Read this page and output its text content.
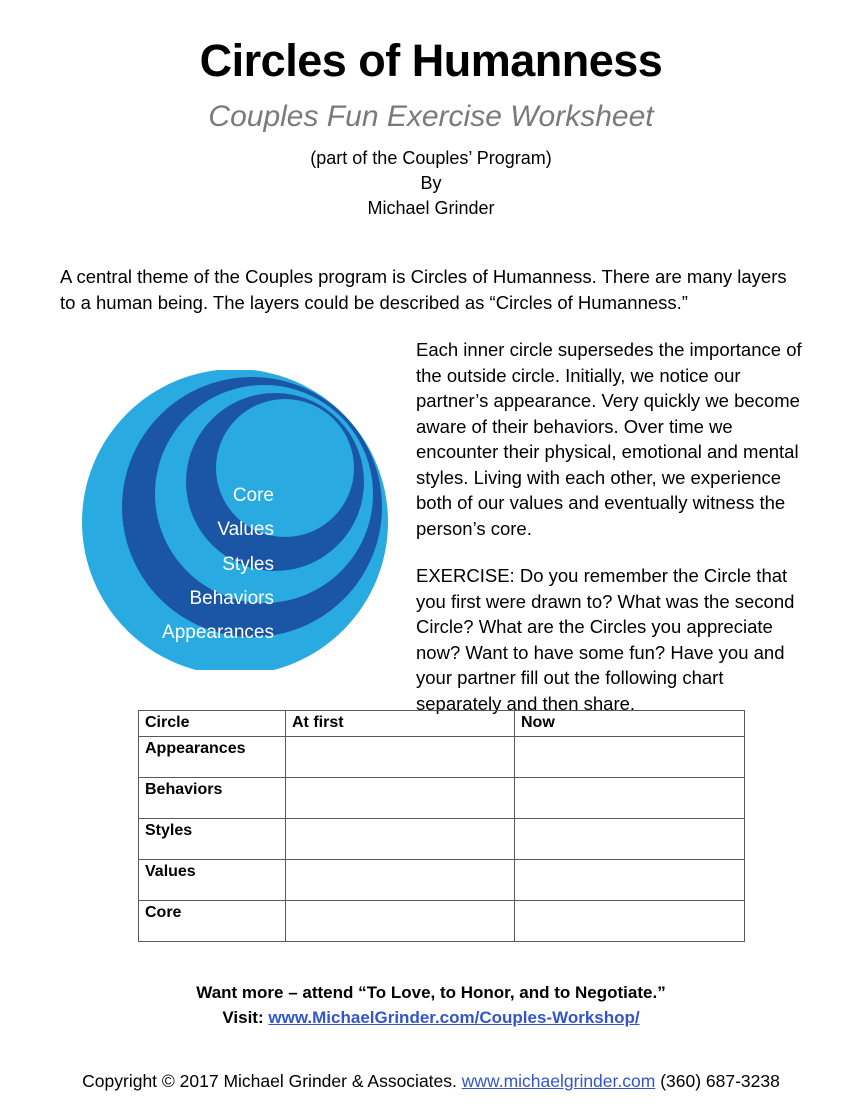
Circles of Humanness
Couples Fun Exercise Worksheet
(part of the Couples’ Program)
By
Michael Grinder

A central theme of the Couples program is Circles of Humanness. There are many layers to a human being. The layers could be described as “Circles of Humanness.”

Core
Values
Styles
Behaviors
Appearances

Each inner circle supersedes the importance of the outside circle. Initially, we notice our partner’s appearance. Very quickly we become aware of their behaviors. Over time we encounter their physical, emotional and mental styles. Living with each other, we experience both of our values and eventually witness the person’s core.

EXERCISE: Do you remember the Circle that you first were drawn to? What was the second Circle? What are the Circles you appreciate now? Want to have some fun? Have you and your partner fill out the following chart separately and then share.

Circle	At first	Now
Appearances		
Behaviors		
Styles		
Values		
Core		
Want more – attend “To Love, to Honor, and to Negotiate.”
Visit: www.MichaelGrinder.com/Couples-Workshop/
Copyright © 2017 Michael Grinder & Associates. www.michaelgrinder.com (360) 687-3238
